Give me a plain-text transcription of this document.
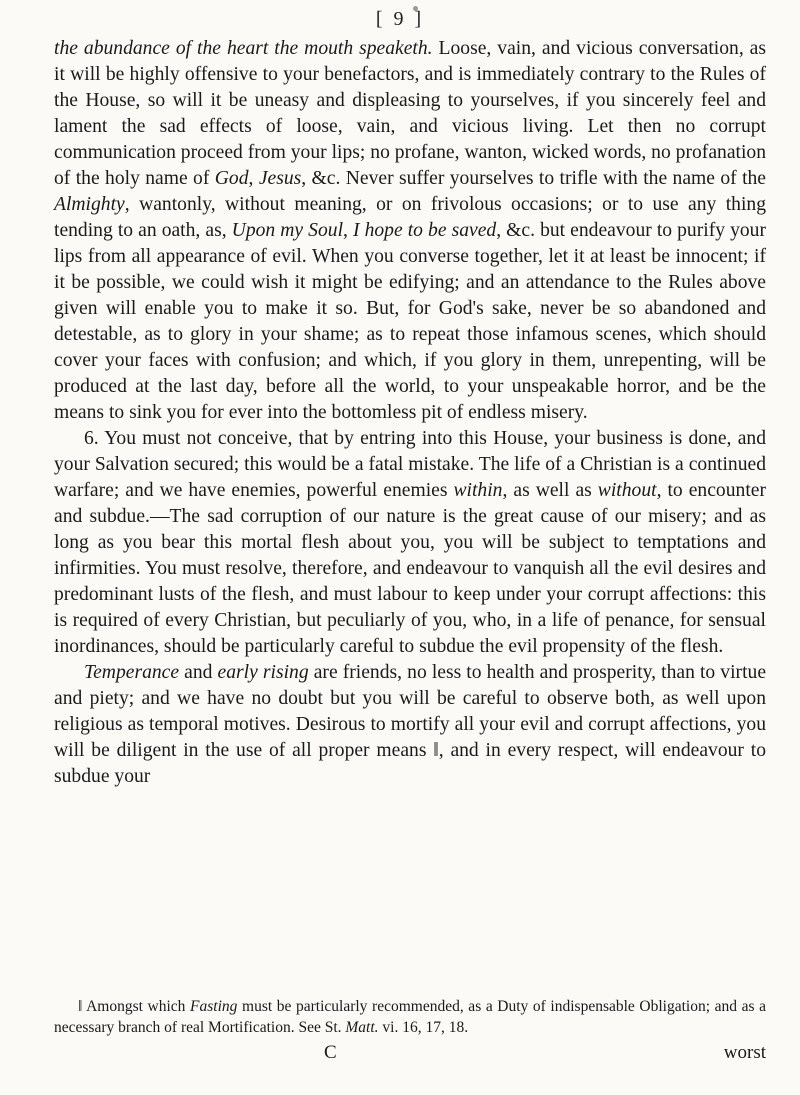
[ 9 ]

the abundance of the heart the mouth speaketh. Loose, vain, and vicious conversation, as it will be highly offensive to your benefactors, and is immediately contrary to the Rules of the House, so will it be uneasy and displeasing to yourselves, if you sincerely feel and lament the sad effects of loose, vain, and vicious living. Let then no corrupt communication proceed from your lips; no profane, wanton, wicked words, no profanation of the holy name of God, Jesus, &c. Never suffer yourselves to trifle with the name of the Almighty, wantonly, without meaning, or on frivolous occasions; or to use any thing tending to an oath, as, Upon my Soul, I hope to be saved, &c. but endeavour to purify your lips from all appearance of evil. When you converse together, let it at least be innocent; if it be possible, we could wish it might be edifying; and an attendance to the Rules above given will enable you to make it so. But, for God's sake, never be so abandoned and detestable, as to glory in your shame; as to repeat those infamous scenes, which should cover your faces with confusion; and which, if you glory in them, unrepenting, will be produced at the last day, before all the world, to your unspeakable horror, and be the means to sink you for ever into the bottomless pit of endless misery.

6. You must not conceive, that by entring into this House, your business is done, and your Salvation secured; this would be a fatal mistake. The life of a Christian is a continued warfare; and we have enemies, powerful enemies within, as well as without, to encounter and subdue.—The sad corruption of our nature is the great cause of our misery; and as long as you bear this mortal flesh about you, you will be subject to temptations and infirmities. You must resolve, therefore, and endeavour to vanquish all the evil desires and predominant lusts of the flesh, and must labour to keep under your corrupt affections: this is required of every Christian, but peculiarly of you, who, in a life of penance, for sensual inordinances, should be particularly careful to subdue the evil propensity of the flesh.

Temperance and early rising are friends, no less to health and prosperity, than to virtue and piety; and we have no doubt but you will be careful to observe both, as well upon religious as temporal motives. Desirous to mortify all your evil and corrupt affections, you will be diligent in the use of all proper means ‖, and in every respect, will endeavour to subdue your

‖ Amongst which Fasting must be particularly recommended, as a Duty of indispensable Obligation; and as a necessary branch of real Mortification. See St. Matt. vi. 16, 17, 18.
C	worst
